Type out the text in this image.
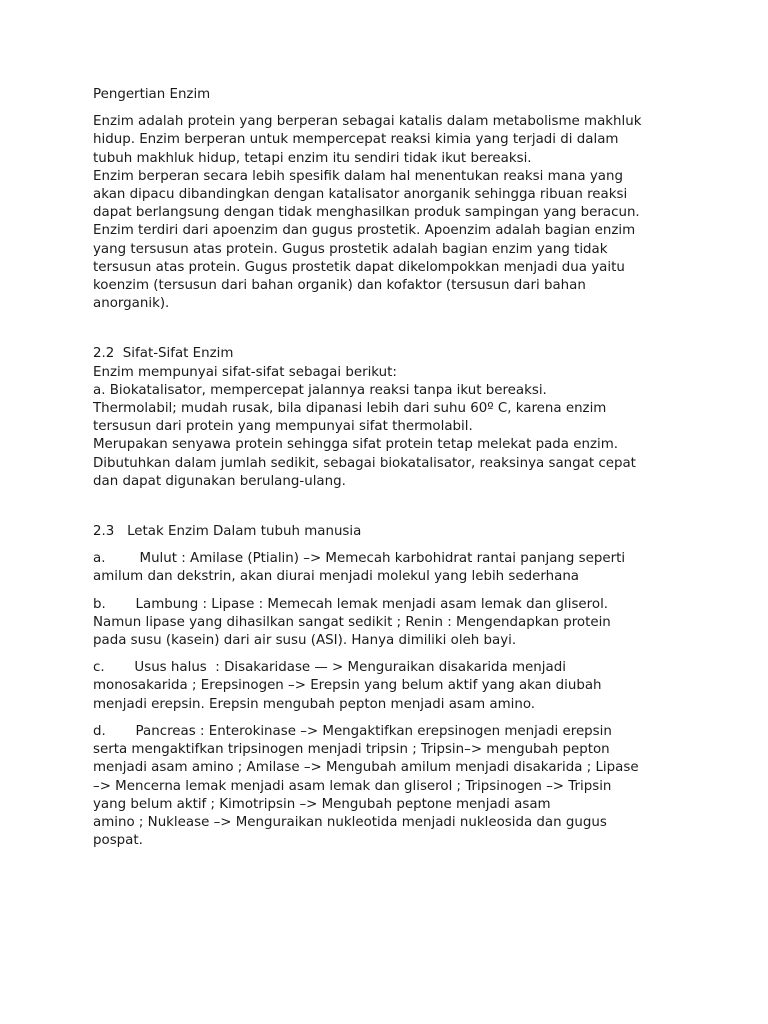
Pengertian Enzim
Enzim adalah protein yang berperan sebagai katalis dalam metabolisme makhluk
hidup. Enzim berperan untuk mempercepat reaksi kimia yang terjadi di dalam
tubuh makhluk hidup, tetapi enzim itu sendiri tidak ikut bereaksi.
Enzim berperan secara lebih spesifik dalam hal menentukan reaksi mana yang
akan dipacu dibandingkan dengan katalisator anorganik sehingga ribuan reaksi
dapat berlangsung dengan tidak menghasilkan produk sampingan yang beracun.
Enzim terdiri dari apoenzim dan gugus prostetik. Apoenzim adalah bagian enzim
yang tersusun atas protein. Gugus prostetik adalah bagian enzim yang tidak
tersusun atas protein. Gugus prostetik dapat dikelompokkan menjadi dua yaitu
koenzim (tersusun dari bahan organik) dan kofaktor (tersusun dari bahan
anorganik).
2.2  Sifat-Sifat Enzim
Enzim mempunyai sifat-sifat sebagai berikut:
a. Biokatalisator, mempercepat jalannya reaksi tanpa ikut bereaksi.
Thermolabil; mudah rusak, bila dipanasi lebih dari suhu 60º C, karena enzim
tersusun dari protein yang mempunyai sifat thermolabil.
Merupakan senyawa protein sehingga sifat protein tetap melekat pada enzim.
Dibutuhkan dalam jumlah sedikit, sebagai biokatalisator, reaksinya sangat cepat
dan dapat digunakan berulang-ulang.
2.3   Letak Enzim Dalam tubuh manusia
a.        Mulut : Amilase (Ptialin) –> Memecah karbohidrat rantai panjang seperti
amilum dan dekstrin, akan diurai menjadi molekul yang lebih sederhana
b.       Lambung : Lipase : Memecah lemak menjadi asam lemak dan gliserol.
Namun lipase yang dihasilkan sangat sedikit ; Renin : Mengendapkan protein
pada susu (kasein) dari air susu (ASI). Hanya dimiliki oleh bayi.
c.       Usus halus  : Disakaridase — > Menguraikan disakarida menjadi
monosakarida ; Erepsinogen –> Erepsin yang belum aktif yang akan diubah
menjadi erepsin. Erepsin mengubah pepton menjadi asam amino.
d.       Pancreas : Enterokinase –> Mengaktifkan erepsinogen menjadi erepsin
serta mengaktifkan tripsinogen menjadi tripsin ; Tripsin–> mengubah pepton
menjadi asam amino ; Amilase –> Mengubah amilum menjadi disakarida ; Lipase
–> Mencerna lemak menjadi asam lemak dan gliserol ; Tripsinogen –> Tripsin
yang belum aktif ; Kimotripsin –> Mengubah peptone menjadi asam
amino ; Nuklease –> Menguraikan nukleotida menjadi nukleosida dan gugus
pospat.
